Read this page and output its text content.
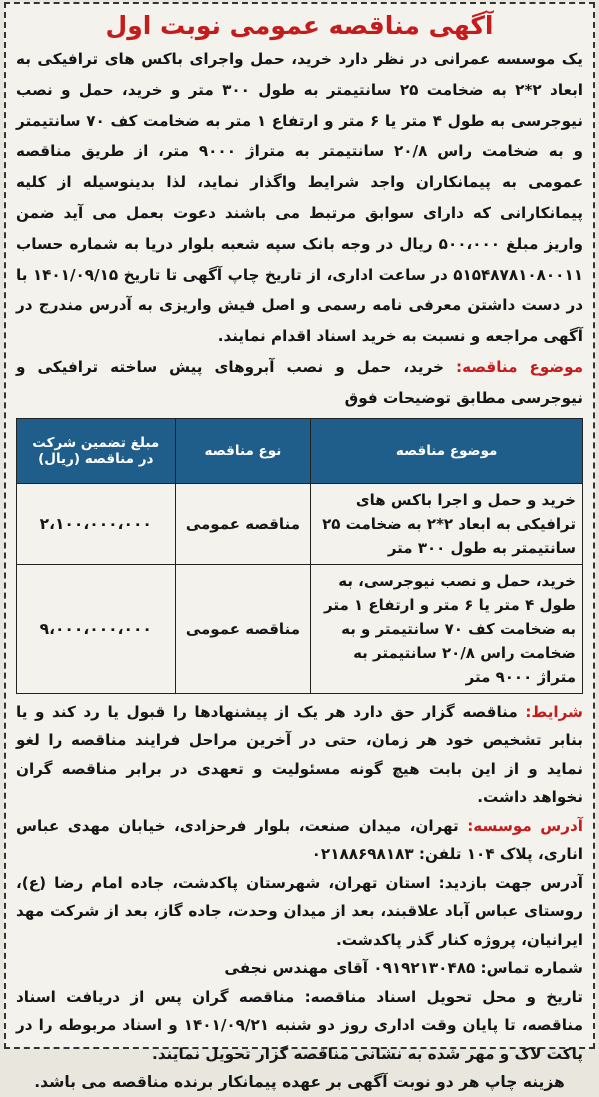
آگهی مناقصه عمومی نوبت اول

یک موسسه عمرانی در نظر دارد خرید، حمل واجرای باکس های ترافیکی به ابعاد ۲*۲ به ضخامت ۲۵ سانتیمتر به طول ۳۰۰ متر و خرید، حمل و نصب نیوجرسی به طول ۴ متر یا ۶ متر و ارتفاع ۱ متر به ضخامت کف ۷۰ سانتیمتر و به ضخامت راس ۲۰/۸ سانتیمتر به متراژ ۹۰۰۰ متر، از طریق مناقصه عمومی به پیمانکاران واجد شرایط واگذار نماید، لذا بدینوسیله از کلیه پیمانکارانی که دارای سوابق مرتبط می باشند دعوت بعمل می آید ضمن واریز مبلغ ۵۰۰،۰۰۰ ریال در وجه بانک سپه شعبه بلوار دریا به شماره حساب ۵۱۵۴۸۷۸۱۰۸۰۰۱۱ در ساعت اداری، از تاریخ چاپ آگهی تا تاریخ ۱۴۰۱/۰۹/۱۵ با در دست داشتن معرفی نامه رسمی و اصل فیش واریزی به آدرس مندرج در آگهی مراجعه و نسبت به خرید اسناد اقدام نمایند.

موضوع مناقصه: خرید، حمل و نصب آبروهای پیش ساخته ترافیکی و نیوجرسی مطابق توضیحات فوق

موضوع مناقصه	نوع مناقصه	مبلغ تضمین شرکت در مناقصه (ریال)
خرید و حمل و اجرا باکس های ترافیکی به ابعاد ۲*۲ به ضخامت ۲۵ سانتیمتر به طول ۳۰۰ متر	مناقصه عمومی	۲،۱۰۰،۰۰۰،۰۰۰
خرید، حمل و نصب نیوجرسی، به طول ۴ متر یا ۶ متر و ارتفاع ۱ متر به ضخامت کف ۷۰ سانتیمتر و به ضخامت راس ۲۰/۸ سانتیمتر به متراژ ۹۰۰۰ متر	مناقصه عمومی	۹،۰۰۰،۰۰۰،۰۰۰

شرایط: مناقصه گزار حق دارد هر یک از پیشنهادها را قبول یا رد کند و یا بنابر تشخیص خود هر زمان، حتی در آخرین مراحل فرایند مناقصه را لغو نماید و از این بابت هیچ گونه مسئولیت و تعهدی در برابر مناقصه گران نخواهد داشت.

آدرس موسسه: تهران، میدان صنعت، بلوار فرحزادی، خیابان مهدی عباس اناری، پلاک ۱۰۴ تلفن: ۰۲۱۸۸۶۹۸۱۸۳

آدرس جهت بازدید: استان تهران، شهرستان پاکدشت، جاده امام رضا (ع)، روستای عباس آباد علاقبند، بعد از میدان وحدت، جاده گاز، بعد از شرکت مهد ایرانیان، پروژه کنار گذر پاکدشت.

شماره تماس: ۰۹۱۹۲۱۳۰۴۸۵ آقای مهندس نجفی

تاریخ و محل تحویل اسناد مناقصه: مناقصه گران پس از دریافت اسناد مناقصه، تا پایان وقت اداری روز دو شنبه ۱۴۰۱/۰۹/۲۱ و اسناد مربوطه را در پاکت لاک و مهر شده به نشانی مناقصه گزار تحویل نمایند.

هزینه چاپ هر دو نوبت آگهی بر عهده پیمانکار برنده مناقصه می باشد.
